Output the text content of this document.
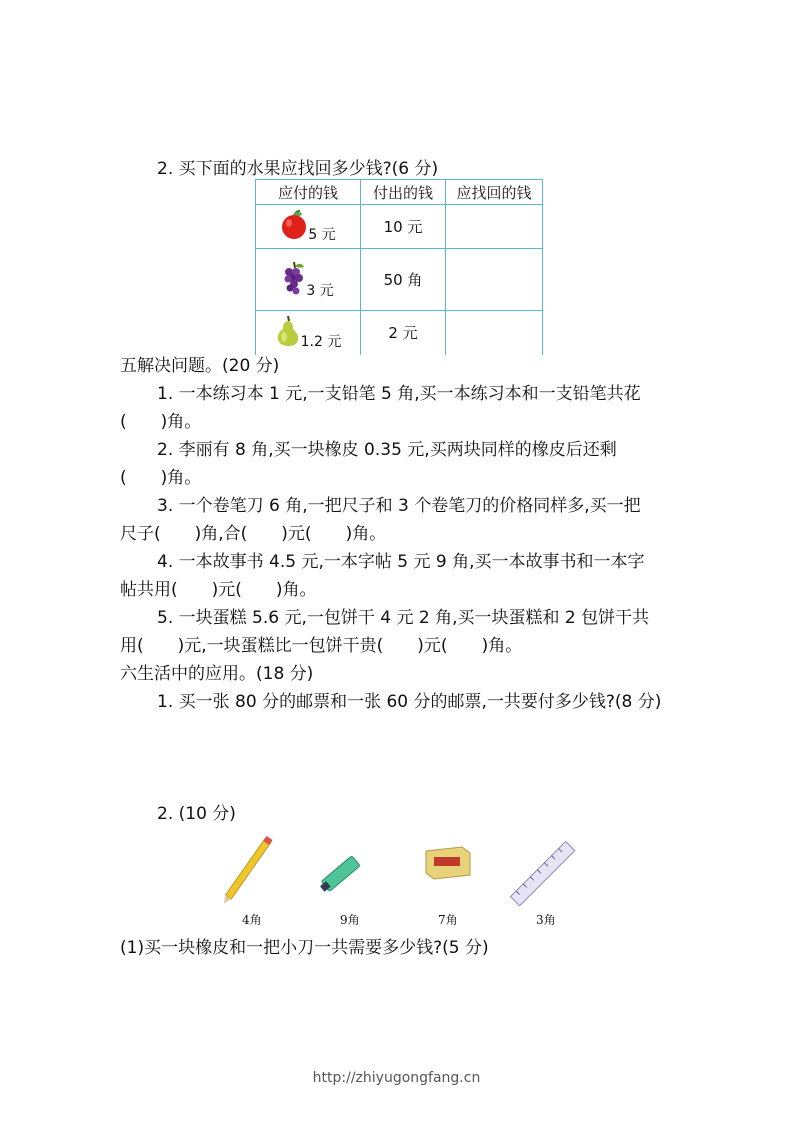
2. 买下面的水果应找回多少钱?(6 分)
应付的钱	付出的钱	应找回的钱
5 元	10 元	
3 元	50 角	
1.2 元	2 元	
五解决问题。(20 分)
1. 一本练习本 1 元,一支铅笔 5 角,买一本练习本和一支铅笔共花
(　　)角。
2. 李丽有 8 角,买一块橡皮 0.35 元,买两块同样的橡皮后还剩
(　　)角。
3. 一个卷笔刀 6 角,一把尺子和 3 个卷笔刀的价格同样多,买一把
尺子(　　)角,合(　　)元(　　)角。
4. 一本故事书 4.5 元,一本字帖 5 元 9 角,买一本故事书和一本字
帖共用(　　)元(　　)角。
5. 一块蛋糕 5.6 元,一包饼干 4 元 2 角,买一块蛋糕和 2 包饼干共
用(　　)元,一块蛋糕比一包饼干贵(　　)元(　　)角。
六生活中的应用。(18 分)
1. 买一张 80 分的邮票和一张 60 分的邮票,一共要付多少钱?(8 分)
2. (10 分)
4角	9角	7角	3角
(1)买一块橡皮和一把小刀一共需要多少钱?(5 分)
http://zhiyugongfang.cn
